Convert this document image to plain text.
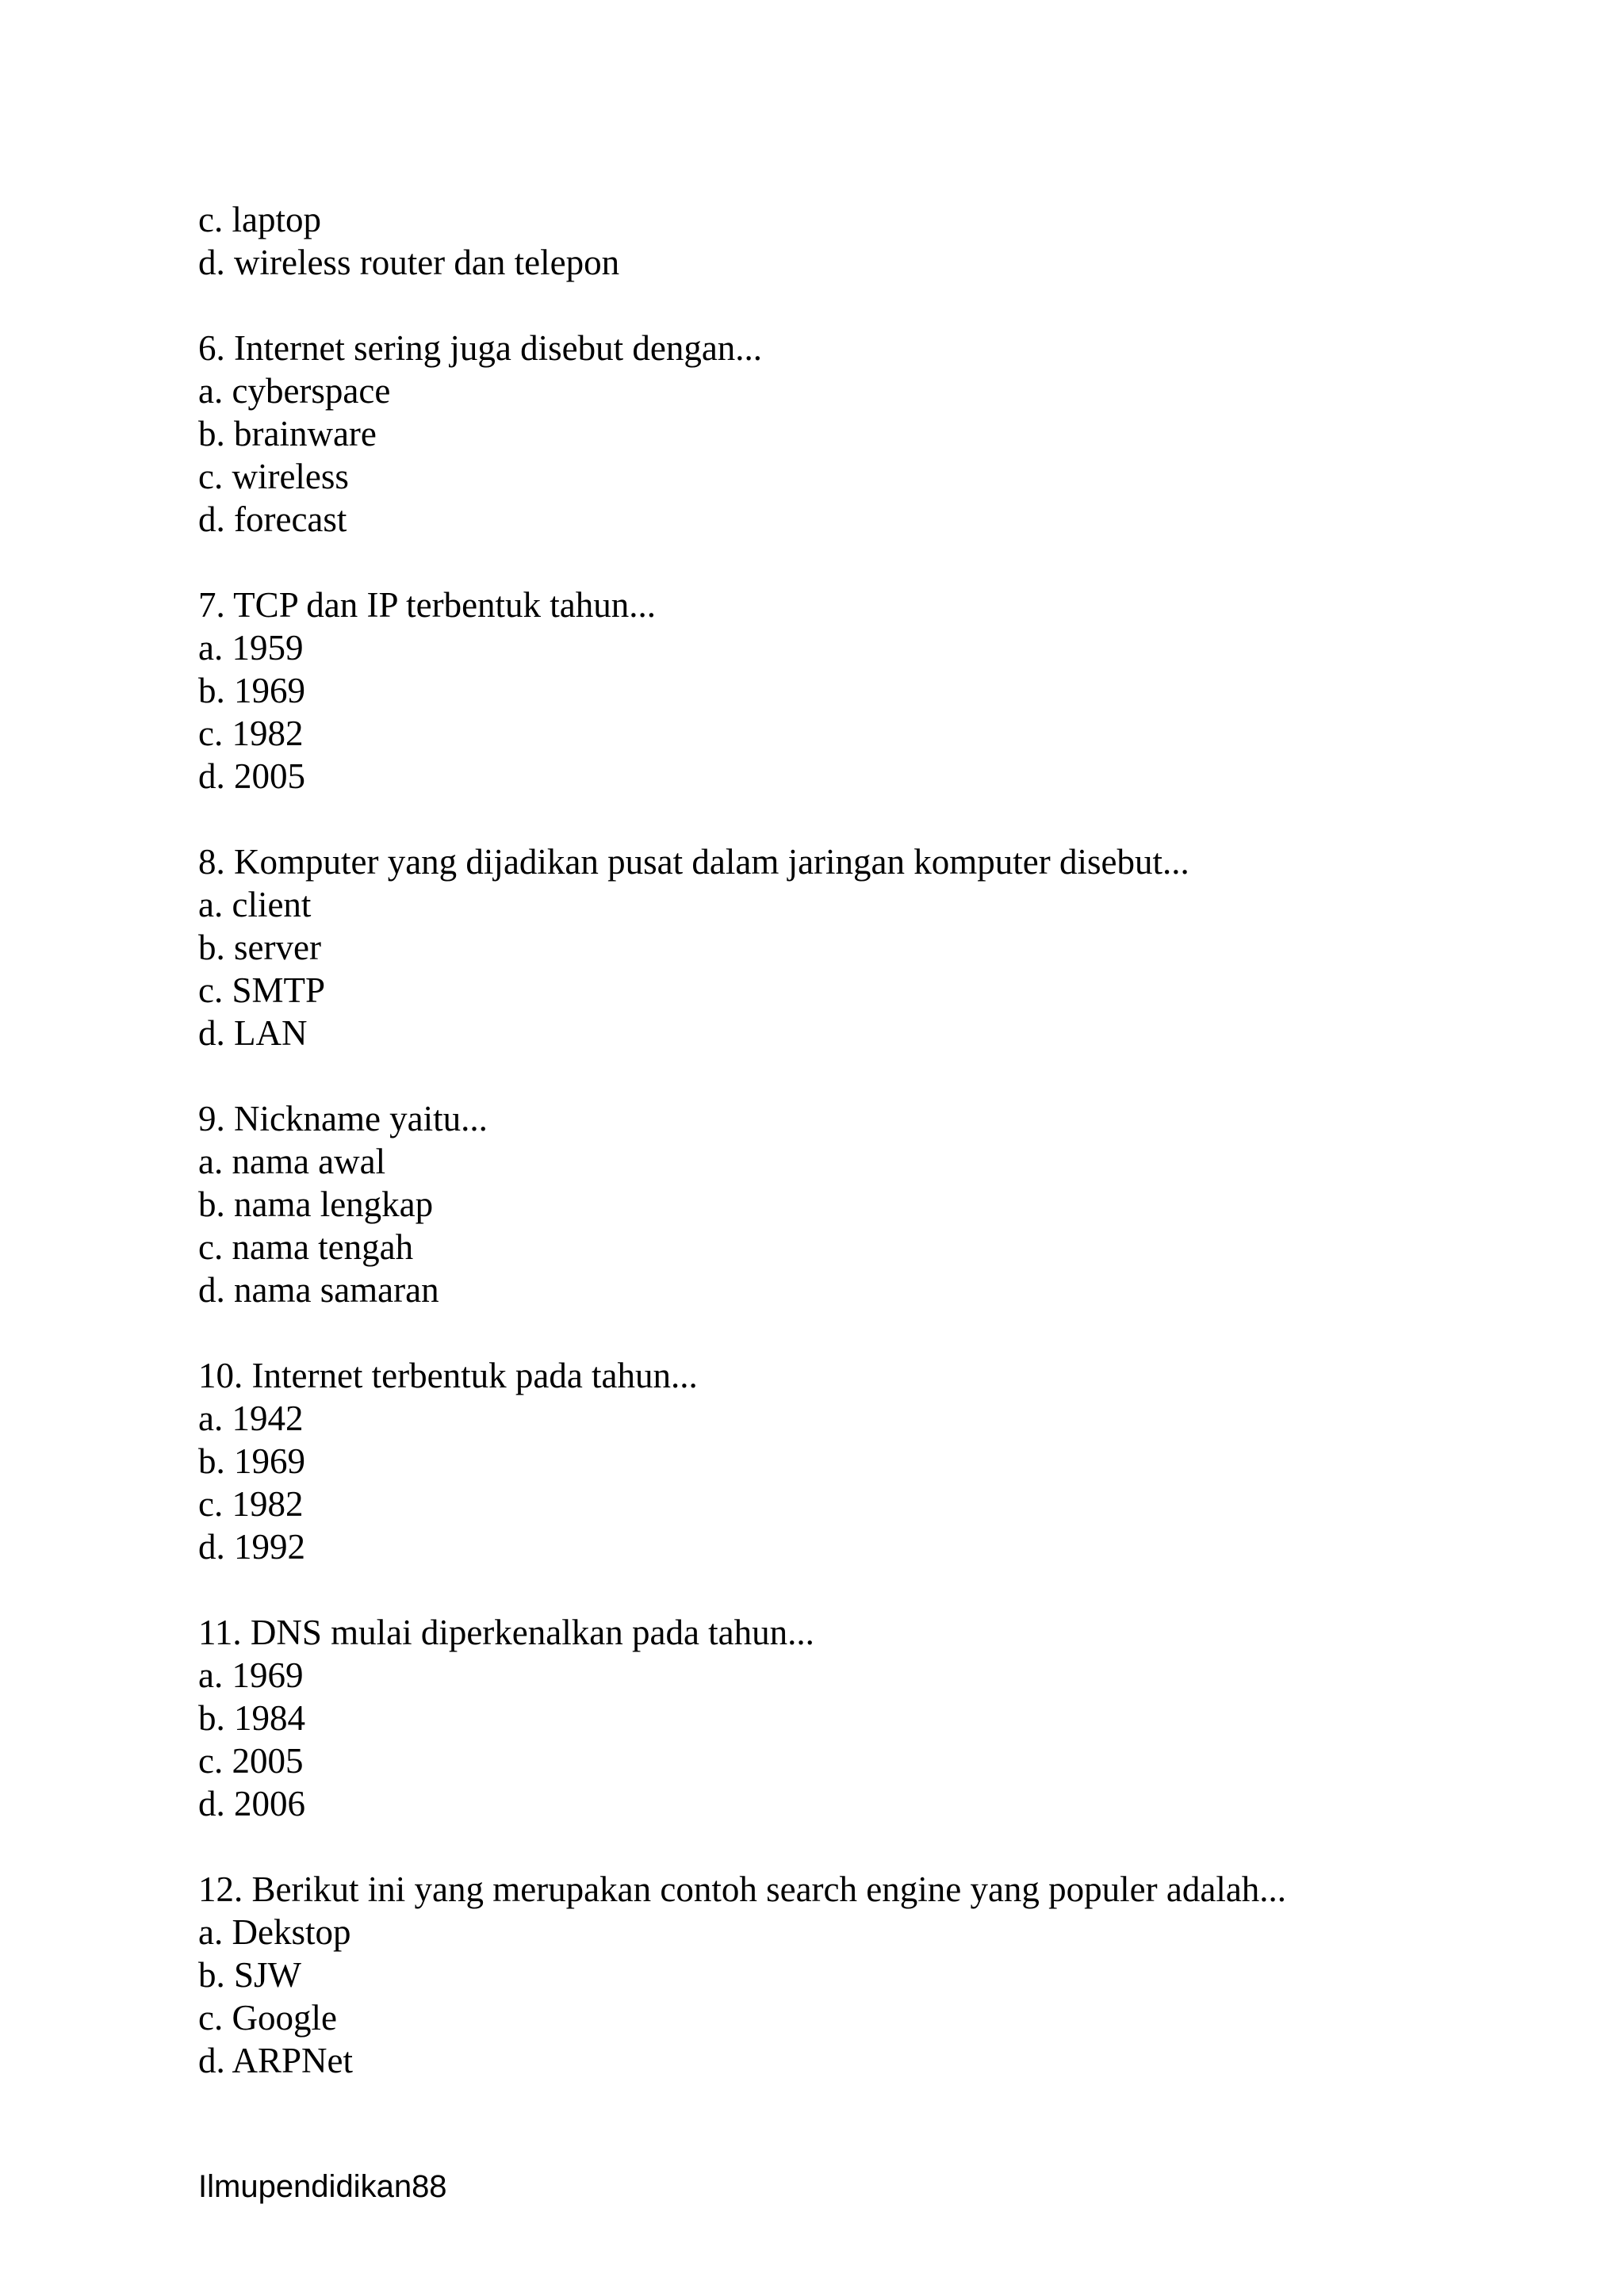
c. laptop
d. wireless router dan telepon
6. Internet sering juga disebut dengan...
a. cyberspace
b. brainware
c. wireless
d. forecast
7. TCP dan IP terbentuk tahun...
a. 1959
b. 1969
c. 1982
d. 2005
8. Komputer yang dijadikan pusat dalam jaringan komputer disebut...
a. client
b. server
c. SMTP
d. LAN
9. Nickname yaitu...
a. nama awal
b. nama lengkap
c. nama tengah
d. nama samaran
10. Internet terbentuk pada tahun...
a. 1942
b. 1969
c. 1982
d. 1992
11. DNS mulai diperkenalkan pada tahun...
a. 1969
b. 1984
c. 2005
d. 2006
12. Berikut ini yang merupakan contoh search engine yang populer adalah...
a. Dekstop
b. SJW
c. Google
d. ARPNet
Ilmupendidikan88
